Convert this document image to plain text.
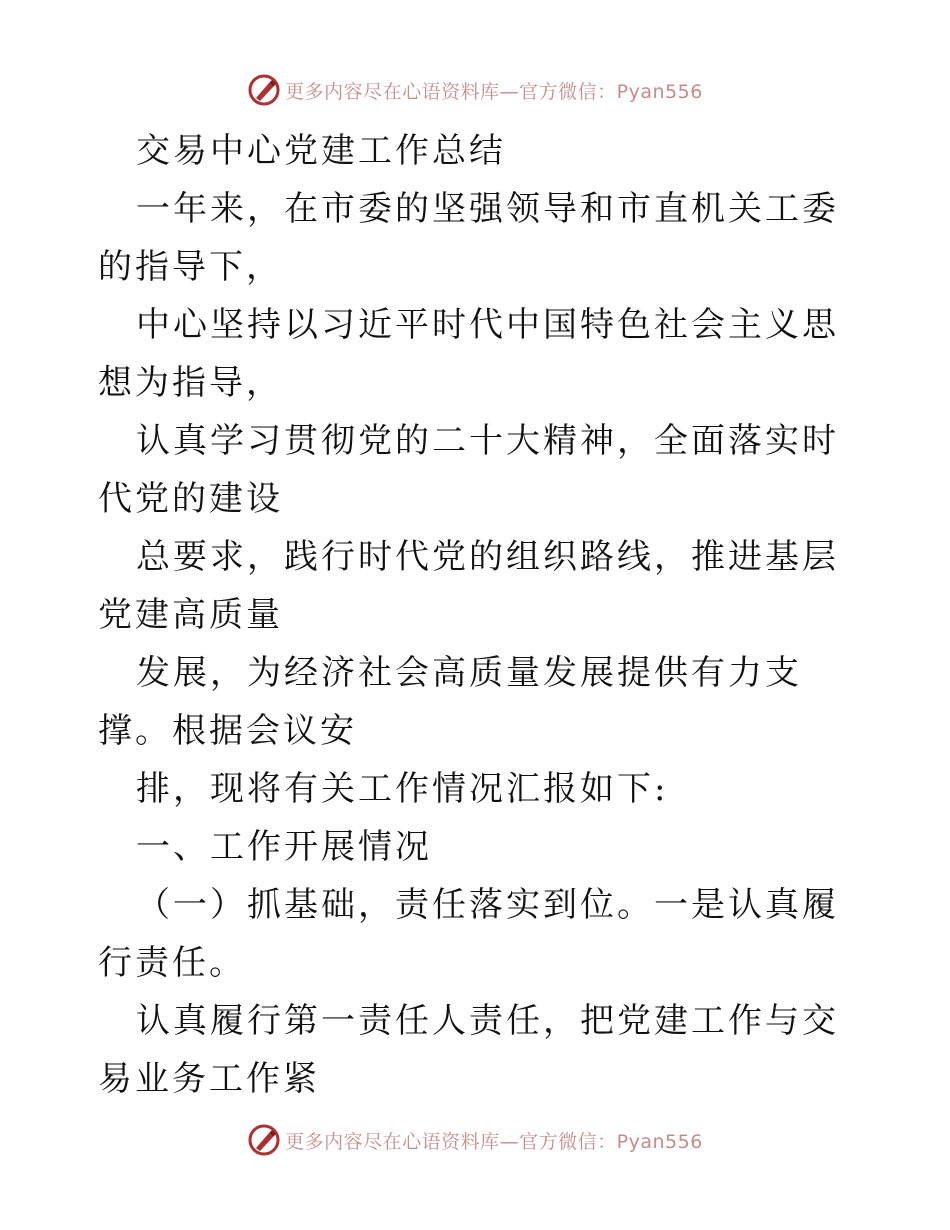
更多内容尽在心语资料库—官方微信：Pyan556

交易中心党建工作总结

一年来，在市委的坚强领导和市直机关工委的指导下，

中心坚持以习近平时代中国特色社会主义思想为指导，

认真学习贯彻党的二十大精神，全面落实时代党的建设

总要求，践行时代党的组织路线，推进基层党建高质量

发展，为经济社会高质量发展提供有力支撑。根据会议安

排，现将有关工作情况汇报如下:

一、工作开展情况

（一）抓基础，责任落实到位。一是认真履行责任。

认真履行第一责任人责任，把党建工作与交易业务工作紧

更多内容尽在心语资料库—官方微信：Pyan556
